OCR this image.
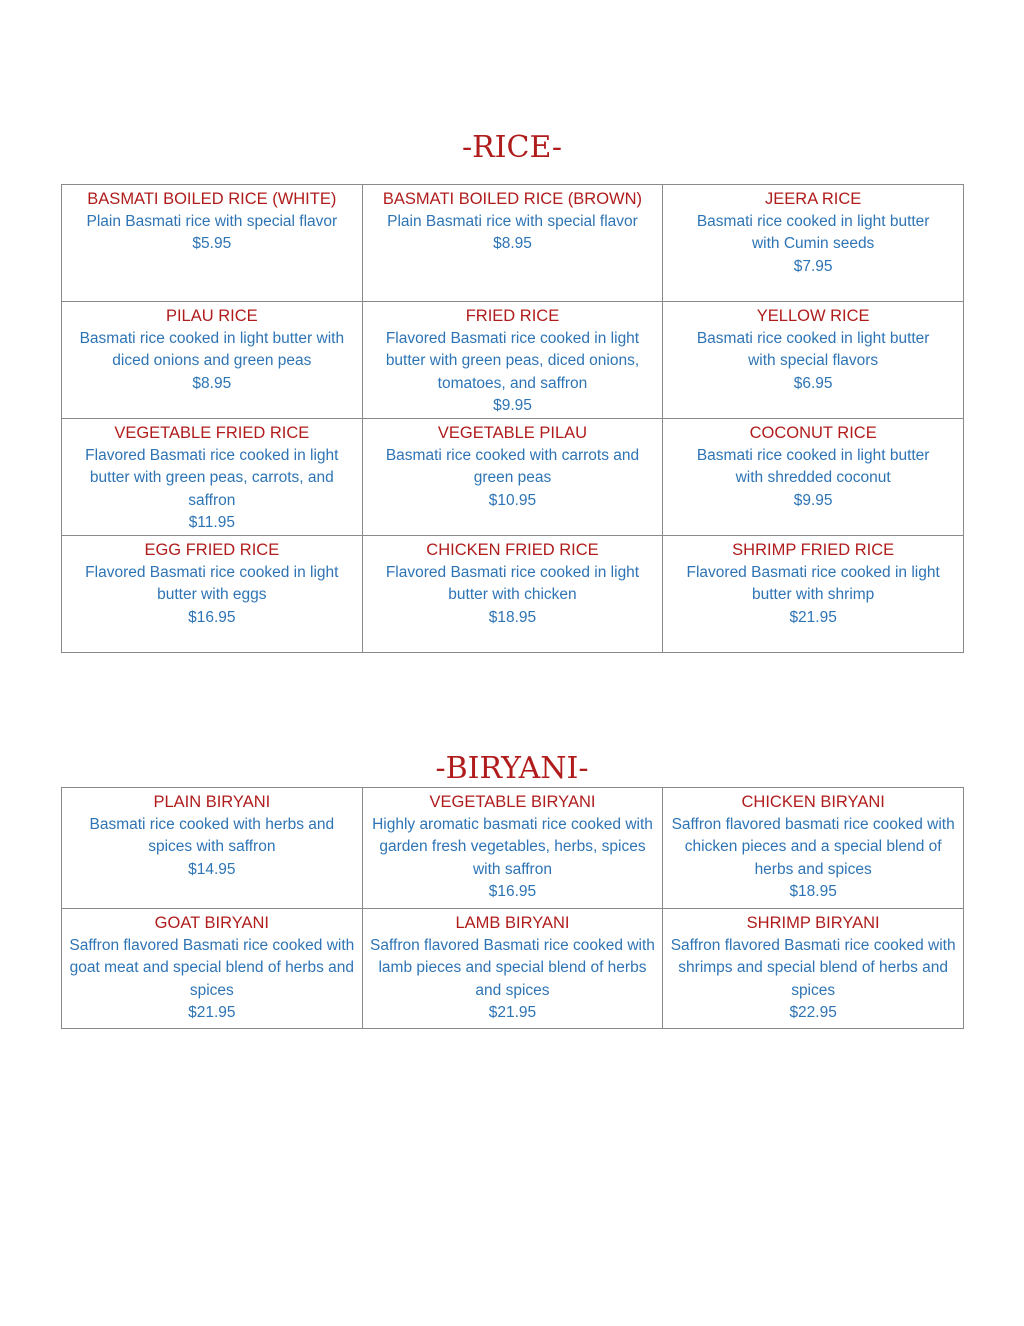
-RICE-
BASMATI BOILED RICE (WHITE)
Plain Basmati rice with special flavor
$5.95	BASMATI BOILED RICE (BROWN)
Plain Basmati rice with special flavor
$8.95	JEERA RICE
Basmati rice cooked in light butter with Cumin seeds
$7.95

PILAU RICE
Basmati rice cooked in light butter with diced onions and green peas
$8.95	FRIED RICE
Flavored Basmati rice cooked in light butter with green peas, diced onions, tomatoes, and saffron
$9.95	YELLOW RICE
Basmati rice cooked in light butter with special flavors
$6.95

VEGETABLE FRIED RICE
Flavored Basmati rice cooked in light butter with green peas, carrots, and saffron
$11.95	VEGETABLE PILAU
Basmati rice cooked with carrots and green peas
$10.95	COCONUT RICE
Basmati rice cooked in light butter with shredded coconut
$9.95

EGG FRIED RICE
Flavored Basmati rice cooked in light butter with eggs
$16.95	CHICKEN FRIED RICE
Flavored Basmati rice cooked in light butter with chicken
$18.95	SHRIMP FRIED RICE
Flavored Basmati rice cooked in light butter with shrimp
$21.95
-BIRYANI-
PLAIN BIRYANI
Basmati rice cooked with herbs and spices with saffron
$14.95	VEGETABLE BIRYANI
Highly aromatic basmati rice cooked with garden fresh vegetables, herbs, spices with saffron
$16.95	CHICKEN BIRYANI
Saffron flavored basmati rice cooked with chicken pieces and a special blend of herbs and spices
$18.95

GOAT BIRYANI
Saffron flavored Basmati rice cooked with goat meat and special blend of herbs and spices
$21.95	LAMB BIRYANI
Saffron flavored Basmati rice cooked with lamb pieces and special blend of herbs and spices
$21.95	SHRIMP BIRYANI
Saffron flavored Basmati rice cooked with shrimps and special blend of herbs and spices
$22.95
